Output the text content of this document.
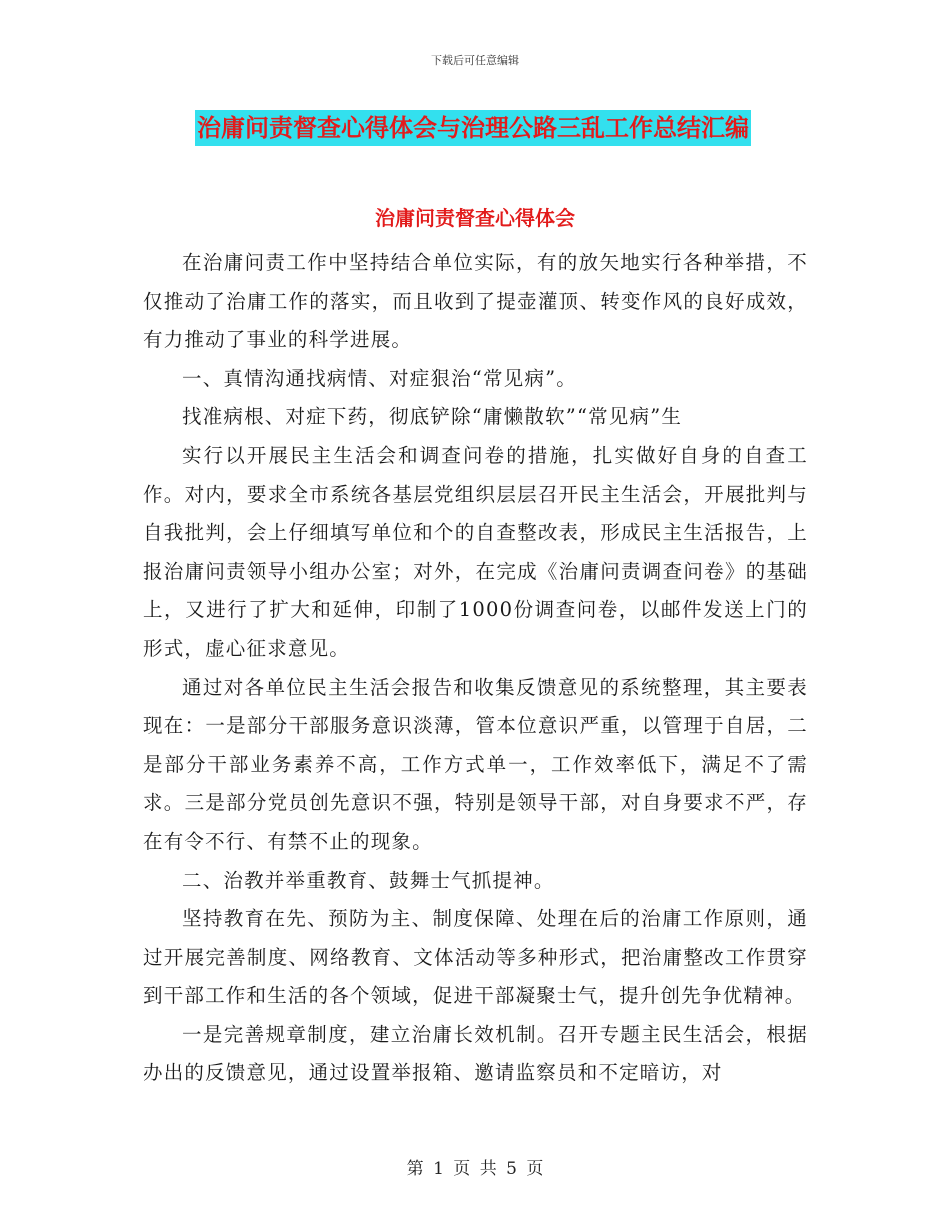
下载后可任意编辑
治庸问责督查心得体会与治理公路三乱工作总结汇编
治庸问责督查心得体会

在治庸问责工作中坚持结合单位实际，有的放矢地实行各种举措，不仅推动了治庸工作的落实，而且收到了提壶灌顶、转变作风的良好成效，有力推动了事业的科学进展。

一、真情沟通找病情、对症狠治“常见病”。

找准病根、对症下药，彻底铲除“庸懒散软”“常见病”生

实行以开展民主生活会和调查问卷的措施，扎实做好自身的自查工作。对内，要求全市系统各基层党组织层层召开民主生活会，开展批判与自我批判，会上仔细填写单位和个的自查整改表，形成民主生活报告，上报治庸问责领导小组办公室；对外，在完成《治庸问责调查问卷》的基础上，又进行了扩大和延伸，印制了1000份调查问卷，以邮件发送上门的形式，虚心征求意见。

通过对各单位民主生活会报告和收集反馈意见的系统整理，其主要表现在：一是部分干部服务意识淡薄，管本位意识严重，以管理于自居，二是部分干部业务素养不高，工作方式单一，工作效率低下，满足不了需求。三是部分党员创先意识不强，特别是领导干部，对自身要求不严，存在有令不行、有禁不止的现象。

二、治教并举重教育、鼓舞士气抓提神。

坚持教育在先、预防为主、制度保障、处理在后的治庸工作原则，通过开展完善制度、网络教育、文体活动等多种形式，把治庸整改工作贯穿到干部工作和生活的各个领域，促进干部凝聚士气，提升创先争优精神。

一是完善规章制度，建立治庸长效机制。召开专题主民生活会，根据办出的反馈意见，通过设置举报箱、邀请监察员和不定暗访，对

第 1 页 共 5 页
